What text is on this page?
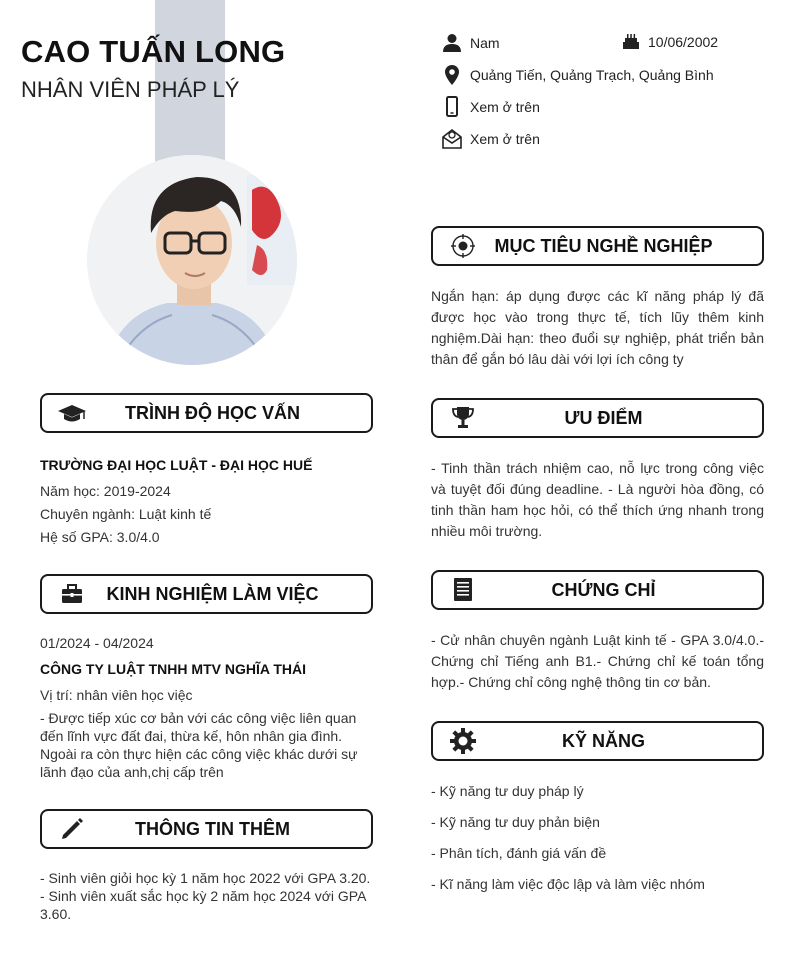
CAO TUẤN LONG
NHÂN VIÊN PHÁP LÝ
Nam	10/06/2002
Quảng Tiến, Quảng Trạch, Quảng Bình
Xem ở trên
Xem ở trên
TRÌNH ĐỘ HỌC VẤN
TRƯỜNG ĐẠI HỌC LUẬT - ĐẠI HỌC HUẾ
Năm học: 2019-2024
Chuyên ngành: Luật kinh tế
Hệ số GPA: 3.0/4.0
KINH NGHIỆM LÀM VIỆC
01/2024 - 04/2024
CÔNG TY LUẬT TNHH MTV NGHĨA THÁI
Vị trí: nhân viên học việc
- Được tiếp xúc cơ bản với các công việc liên quan đến lĩnh vực đất đai, thừa kế, hôn nhân gia đình. Ngoài ra còn thực hiện các công việc khác dưới sự lãnh đạo của anh,chị cấp trên
THÔNG TIN THÊM
- Sinh viên giỏi học kỳ 1 năm học 2022 với GPA 3.20.
- Sinh viên xuất sắc học kỳ 2 năm học 2024 với GPA 3.60.
MỤC TIÊU NGHỀ NGHIỆP
Ngắn hạn: áp dụng được các kĩ năng pháp lý đã được học vào trong thực tế, tích lũy thêm kinh nghiệm.Dài hạn: theo đuổi sự nghiệp, phát triển bản thân để gắn bó lâu dài với lợi ích công ty
ƯU ĐIỂM
- Tinh thần trách nhiệm cao, nỗ lực trong công việc và tuyệt đối đúng deadline. - Là người hòa đồng, có tinh thần ham học hỏi, có thể thích ứng nhanh trong nhiều môi trường.
CHỨNG CHỈ
- Cử nhân chuyên ngành Luật kinh tế - GPA 3.0/4.0.- Chứng chỉ Tiếng anh B1.- Chứng chỉ kế toán tổng hợp.- Chứng chỉ công nghệ thông tin cơ bản.
KỸ NĂNG
- Kỹ năng tư duy pháp lý
- Kỹ năng tư duy phản biện
- Phân tích, đánh giá vấn đề
- Kĩ năng làm việc độc lập và làm việc nhóm
